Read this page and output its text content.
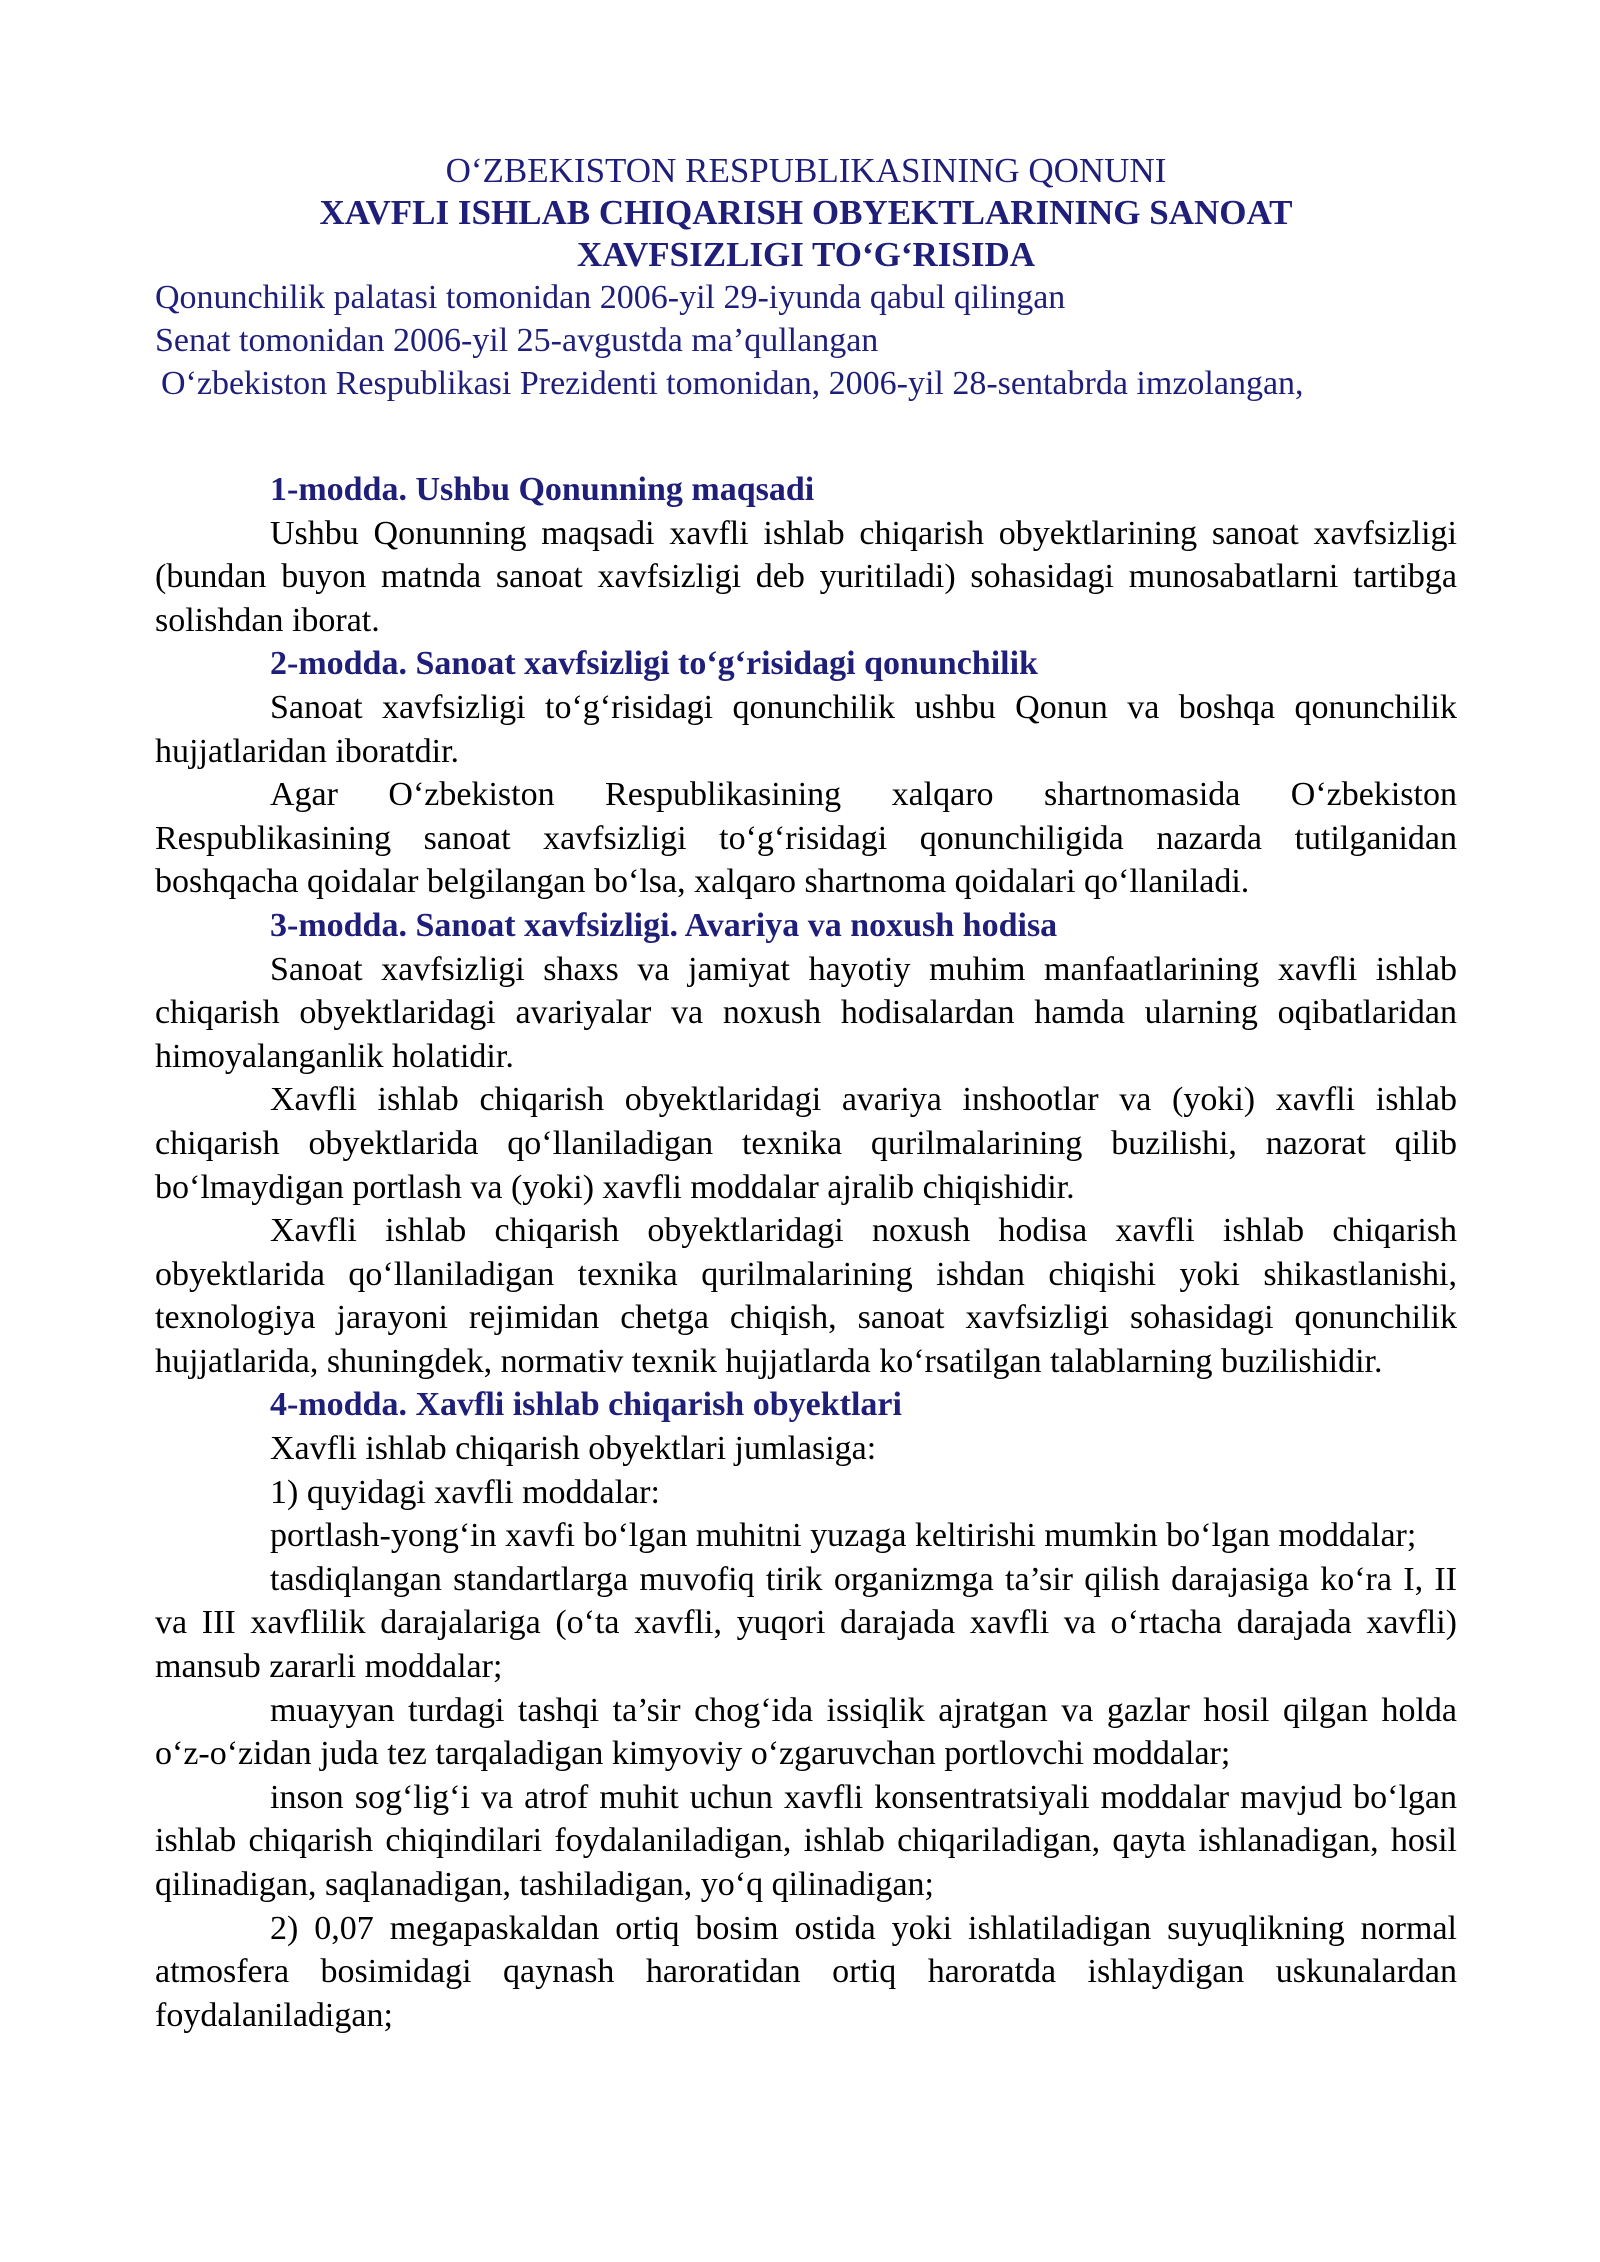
O‘ZBEKISTON RESPUBLIKASINING QONUNI

XAVFLI ISHLAB CHIQARISH OBYEKTLARINING SANOAT

XAVFSIZLIGI TO‘G‘RISIDA

Qonunchilik palatasi tomonidan 2006-yil 29-iyunda qabul qilingan

Senat tomonidan 2006-yil 25-avgustda ma’qullangan

O‘zbekiston Respublikasi Prezidenti tomonidan, 2006-yil 28-sentabrda imzolangan,

1-modda. Ushbu Qonunning maqsadi

Ushbu Qonunning maqsadi xavfli ishlab chiqarish obyektlarining sanoat xavfsizligi (bundan buyon matnda sanoat xavfsizligi deb yuritiladi) sohasidagi munosabatlarni tartibga solishdan iborat.

2-modda. Sanoat xavfsizligi to‘g‘risidagi qonunchilik

Sanoat xavfsizligi to‘g‘risidagi qonunchilik ushbu Qonun va boshqa qonunchilik hujjatlaridan iboratdir.

Agar O‘zbekiston Respublikasining xalqaro shartnomasida O‘zbekiston Respublikasining sanoat xavfsizligi to‘g‘risidagi qonunchiligida nazarda tutilganidan boshqacha qoidalar belgilangan bo‘lsa, xalqaro shartnoma qoidalari qo‘llaniladi.

3-modda. Sanoat xavfsizligi. Avariya va noxush hodisa

Sanoat xavfsizligi shaxs va jamiyat hayotiy muhim manfaatlarining xavfli ishlab chiqarish obyektlaridagi avariyalar va noxush hodisalardan hamda ularning oqibatlaridan himoyalanganlik holatidir.

Xavfli ishlab chiqarish obyektlaridagi avariya inshootlar va (yoki) xavfli ishlab chiqarish obyektlarida qo‘llaniladigan texnika qurilmalarining buzilishi, nazorat qilib bo‘lmaydigan portlash va (yoki) xavfli moddalar ajralib chiqishidir.

Xavfli ishlab chiqarish obyektlaridagi noxush hodisa xavfli ishlab chiqarish obyektlarida qo‘llaniladigan texnika qurilmalarining ishdan chiqishi yoki shikastlanishi, texnologiya jarayoni rejimidan chetga chiqish, sanoat xavfsizligi sohasidagi qonunchilik hujjatlarida, shuningdek, normativ texnik hujjatlarda ko‘rsatilgan talablarning buzilishidir.

4-modda. Xavfli ishlab chiqarish obyektlari

Xavfli ishlab chiqarish obyektlari jumlasiga:

1) quyidagi xavfli moddalar:

portlash-yong‘in xavfi bo‘lgan muhitni yuzaga keltirishi mumkin bo‘lgan moddalar;

tasdiqlangan standartlarga muvofiq tirik organizmga ta’sir qilish darajasiga ko‘ra I, II va III xavflilik darajalariga (o‘ta xavfli, yuqori darajada xavfli va o‘rtacha darajada xavfli) mansub zararli moddalar;

muayyan turdagi tashqi ta’sir chog‘ida issiqlik ajratgan va gazlar hosil qilgan holda o‘z-o‘zidan juda tez tarqaladigan kimyoviy o‘zgaruvchan portlovchi moddalar;

inson sog‘lig‘i va atrof muhit uchun xavfli konsentratsiyali moddalar mavjud bo‘lgan ishlab chiqarish chiqindilari foydalaniladigan, ishlab chiqariladigan, qayta ishlanadigan, hosil qilinadigan, saqlanadigan, tashiladigan, yo‘q qilinadigan;

2) 0,07 megapaskaldan ortiq bosim ostida yoki ishlatiladigan suyuqlikning normal atmosfera bosimidagi qaynash haroratidan ortiq haroratda ishlaydigan uskunalardan foydalaniladigan;
